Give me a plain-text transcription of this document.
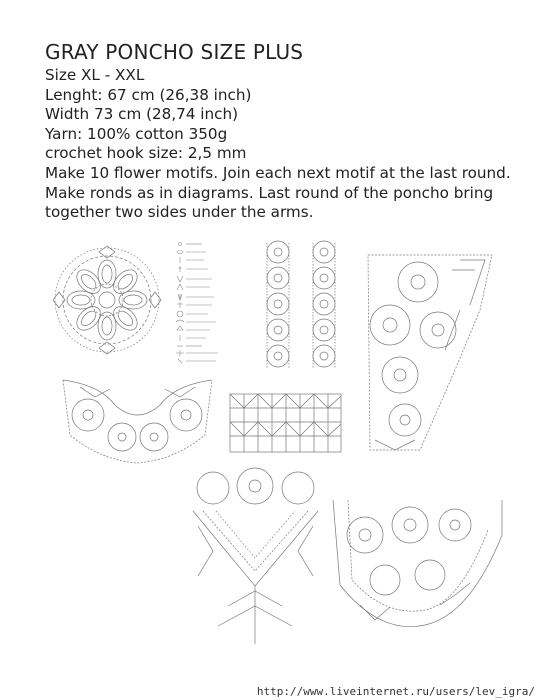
GRAY PONCHO SIZE PLUS
Size XL - XXL
Lenght: 67 cm (26,38 inch)
Width 73 cm (28,74 inch)
Yarn: 100% cotton 350g
crochet hook size: 2,5 mm
Make 10 flower motifs. Join each next motif at the last round. Make ronds as in diagrams. Last round of the poncho bring together two sides under the arms.
http://www.liveinternet.ru/users/lev_igra/
